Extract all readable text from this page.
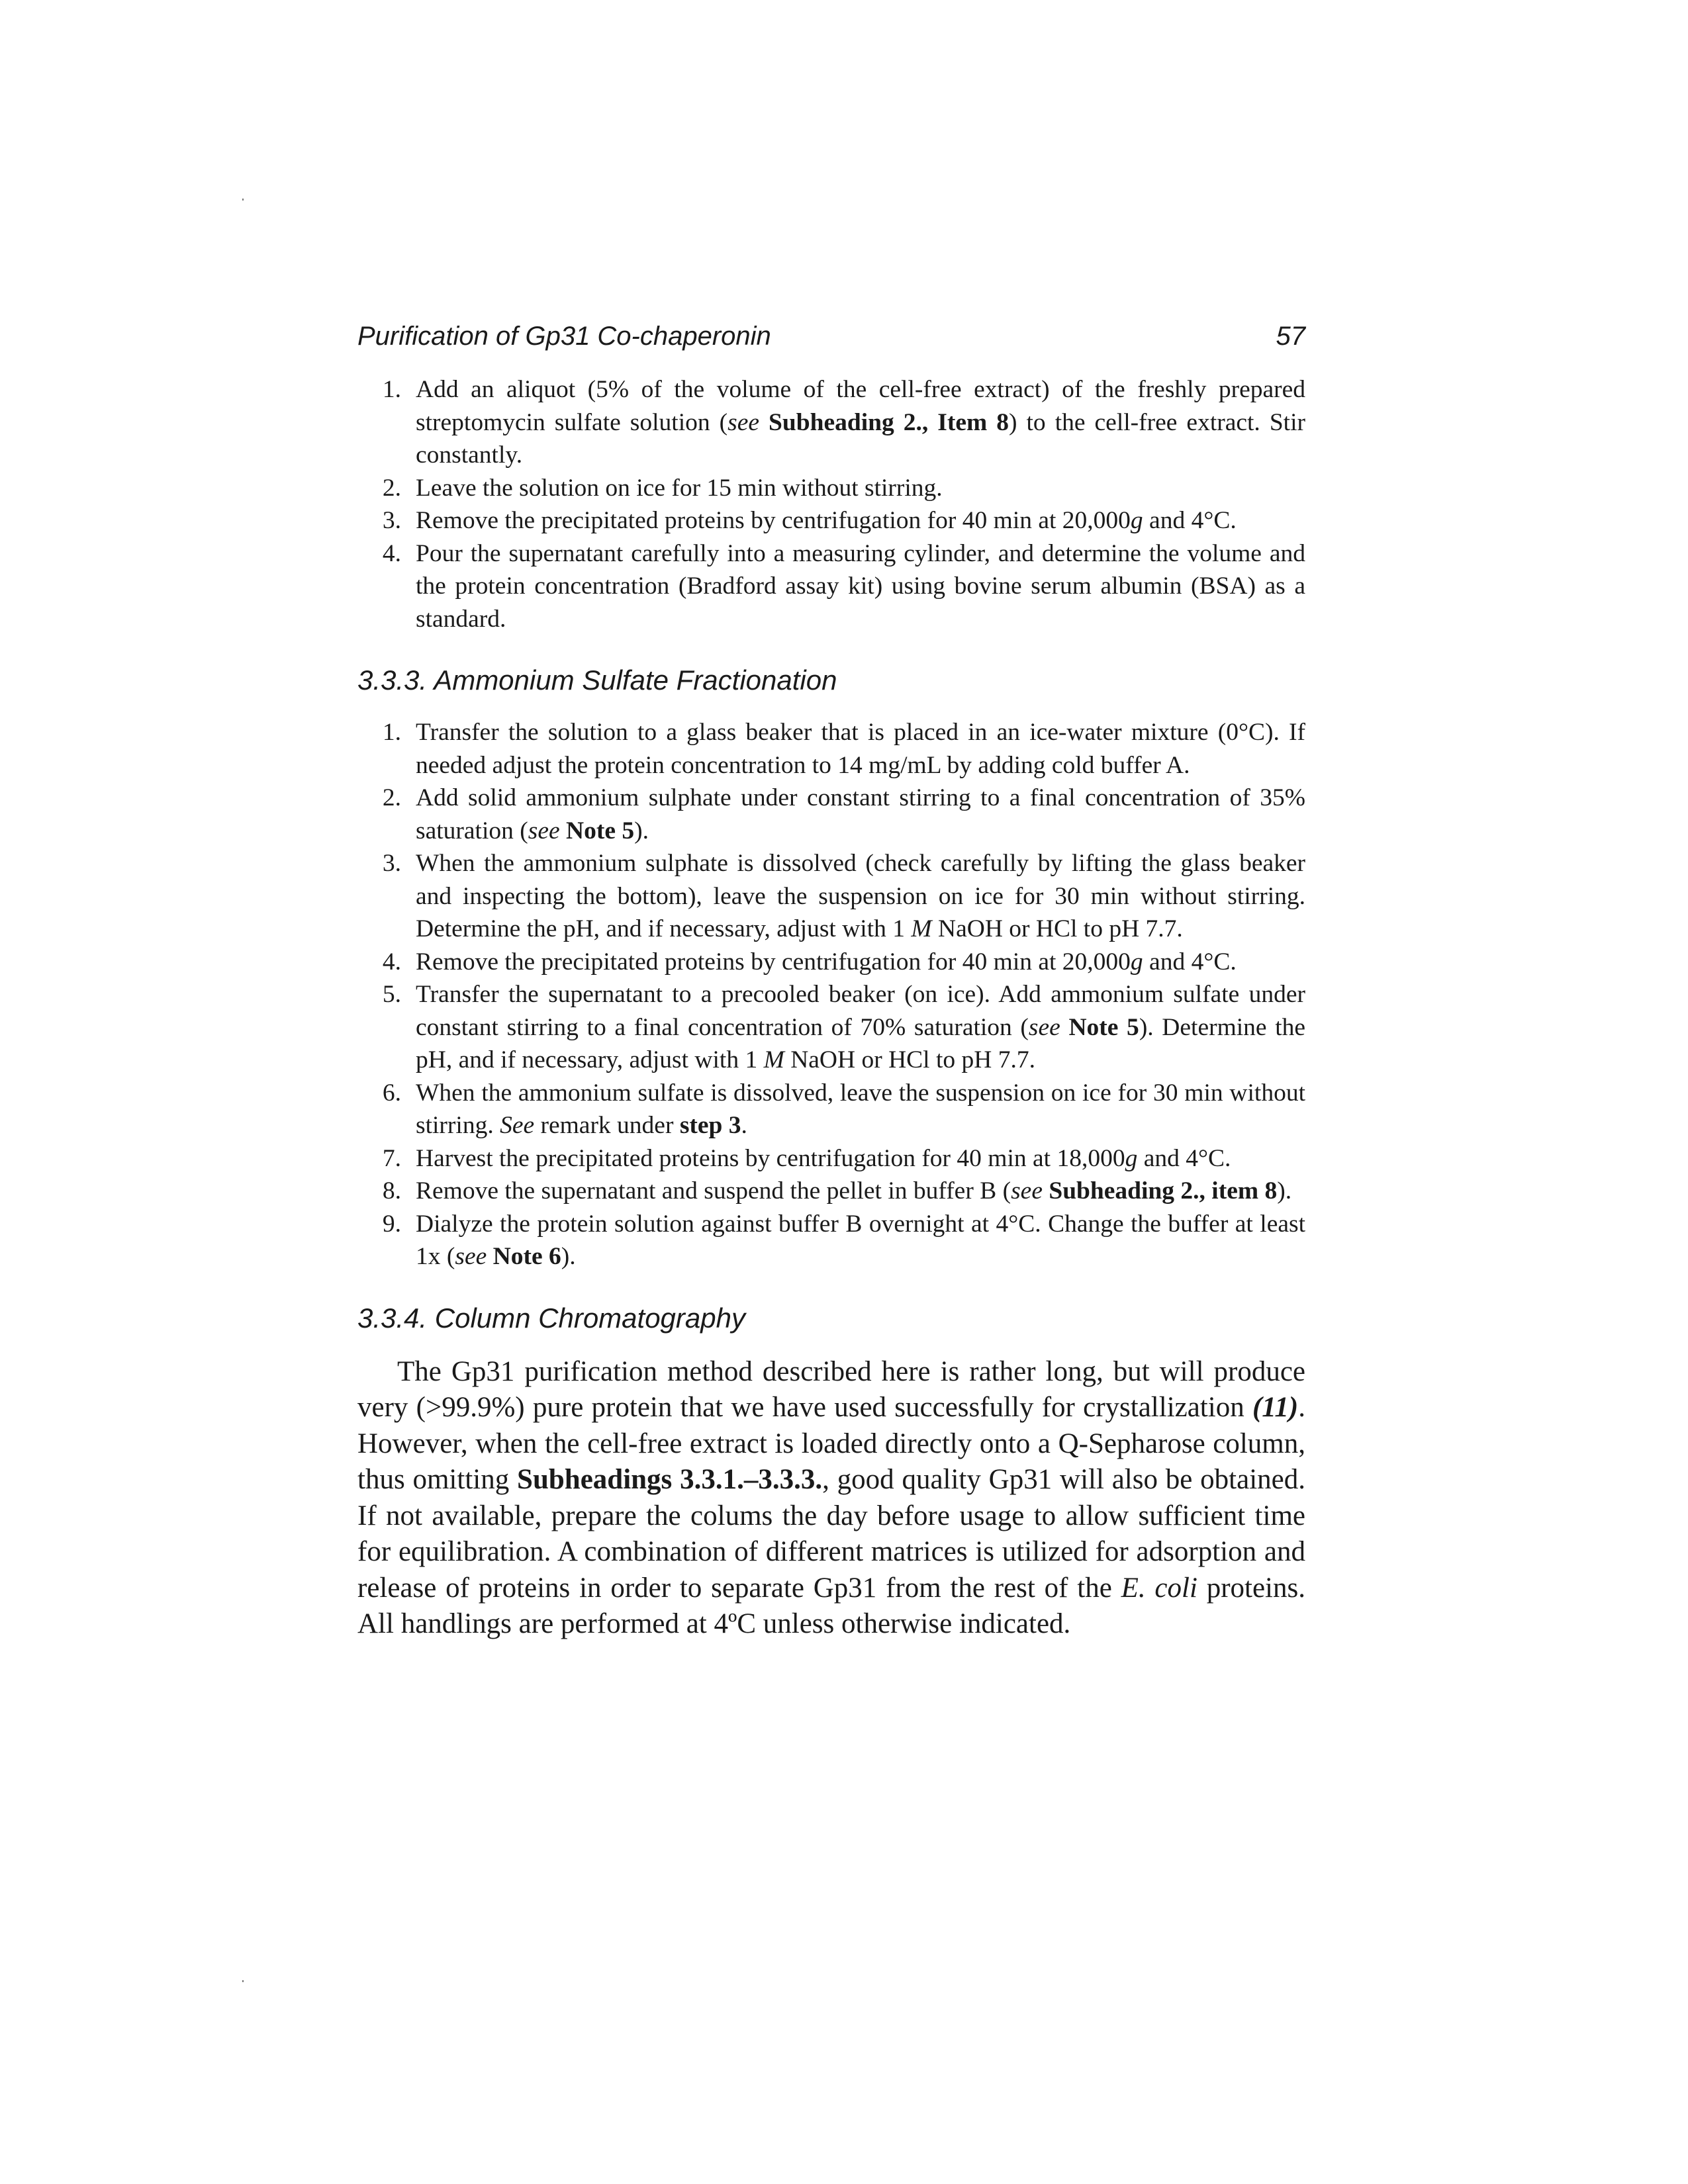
Purification of Gp31 Co-chaperonin	57
1. Add an aliquot (5% of the volume of the cell-free extract) of the freshly prepared streptomycin sulfate solution (see Subheading 2., Item 8) to the cell-free extract. Stir constantly.
2. Leave the solution on ice for 15 min without stirring.
3. Remove the precipitated proteins by centrifugation for 40 min at 20,000g and 4°C.
4. Pour the supernatant carefully into a measuring cylinder, and determine the volume and the protein concentration (Bradford assay kit) using bovine serum albumin (BSA) as a standard.
3.3.3. Ammonium Sulfate Fractionation
1. Transfer the solution to a glass beaker that is placed in an ice-water mixture (0°C). If needed adjust the protein concentration to 14 mg/mL by adding cold buffer A.
2. Add solid ammonium sulphate under constant stirring to a final concentration of 35% saturation (see Note 5).
3. When the ammonium sulphate is dissolved (check carefully by lifting the glass beaker and inspecting the bottom), leave the suspension on ice for 30 min without stirring. Determine the pH, and if necessary, adjust with 1 M NaOH or HCl to pH 7.7.
4. Remove the precipitated proteins by centrifugation for 40 min at 20,000g and 4°C.
5. Transfer the supernatant to a precooled beaker (on ice). Add ammonium sulfate under constant stirring to a final concentration of 70% saturation (see Note 5). Determine the pH, and if necessary, adjust with 1 M NaOH or HCl to pH 7.7.
6. When the ammonium sulfate is dissolved, leave the suspension on ice for 30 min without stirring. See remark under step 3.
7. Harvest the precipitated proteins by centrifugation for 40 min at 18,000g and 4°C.
8. Remove the supernatant and suspend the pellet in buffer B (see Subheading 2., item 8).
9. Dialyze the protein solution against buffer B overnight at 4°C. Change the buffer at least 1x (see Note 6).
3.3.4. Column Chromatography

The Gp31 purification method described here is rather long, but will produce very (>99.9%) pure protein that we have used successfully for crystallization (11). However, when the cell-free extract is loaded directly onto a Q-Sepharose column, thus omitting Subheadings 3.3.1.–3.3.3., good quality Gp31 will also be obtained. If not available, prepare the colums the day before usage to allow sufficient time for equilibration. A combination of different matrices is utilized for adsorption and release of proteins in order to separate Gp31 from the rest of the E. coli proteins. All handlings are performed at 4ºC unless otherwise indicated.
